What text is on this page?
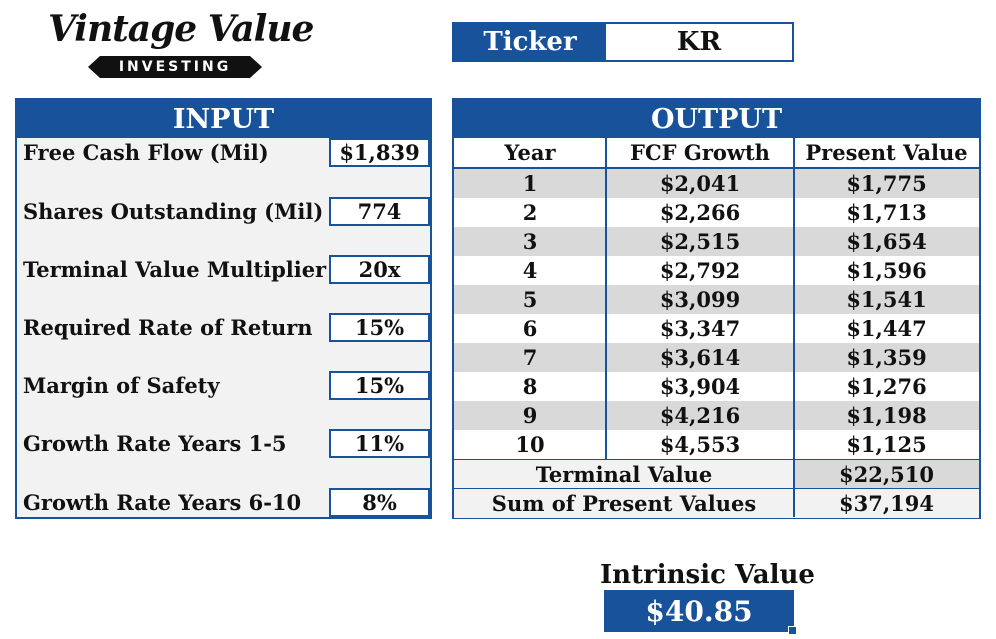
Vintage Value
INVESTING
Ticker	KR
INPUT
Free Cash Flow (Mil)	$1,839
Shares Outstanding (Mil)	774
Terminal Value Multiplier	20x
Required Rate of Return	15%
Margin of Safety	15%
Growth Rate Years 1-5	11%
Growth Rate Years 6-10	8%
OUTPUT
Year	FCF Growth	Present Value
1	$2,041	$1,775
2	$2,266	$1,713
3	$2,515	$1,654
4	$2,792	$1,596
5	$3,099	$1,541
6	$3,347	$1,447
7	$3,614	$1,359
8	$3,904	$1,276
9	$4,216	$1,198
10	$4,553	$1,125
Terminal Value	$22,510
Sum of Present Values	$37,194
Intrinsic Value
$40.85
